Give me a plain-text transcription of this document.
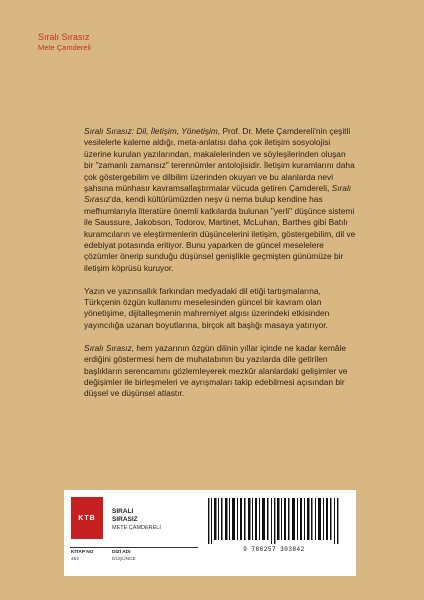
Sıralı Sırasız
Mete Çamdereli

Sıralı Sırasız: Dil, İletişim, Yönetişim, Prof. Dr. Mete Çamdereli'nin çeşitli vesilelerle kaleme aldığı, meta-anlatısı daha çok iletişim sosyolojisi üzerine kurulan yazılarından, makalelerinden ve söyleşilerinden oluşan bir "zamanlı zamansız" terennümler antolojisidir. İletişim kuramlarını daha çok göstergebilim ve dilbilim üzerinden okuyan ve bu alanlarda nevi şahsına münhasır kavramsallaştırmalar vücuda getiren Çamdereli, Sıralı Sırasız'da, kendi kültürümüzden neşv ü nema bulup kendine has mefhumlarıyla literatüre önemli katkılarda bulunan "yerli" düşünce sistemi ile Saussure, Jakobson, Todorov, Martinet, McLuhan, Barthes gibi Batılı kuramcıların ve eleştirmenlerin düşüncelerini iletişim, göstergebilim, dil ve edebiyat potasında eritiyor. Bunu yaparken de güncel meselelere çözümler önerip sunduğu düşünsel genişlikle geçmişten günümüze bir iletişim köprüsü kuruyor.

Yazın ve yazınsallık farkından medyadaki dil etiği tartışmalarına, Türkçenin özgün kullanımı meselesinden güncel bir kavram olan yönetişime, dijitalleşmenin mahremiyet algısı üzerindeki etkisinden yayıncılığa uzanan boyutlarına, birçok alt başlığı masaya yatırıyor.

Sıralı Sırasız, hem yazarının özgün dilinin yıllar içinde ne kadar kemâle erdiğini göstermesi hem de muhatabının bu yazılarda dile getirilen başlıkların serencamını gözlemleyerek mezkûr alanlardaki gelişimler ve değişimler ile birleşmeleri ve ayrışmaları takip edebilmesi açısından bir düşsel ve düşünsel atlastır.

KTB
SIRALI
SIRASIZ
METE ÇAMDERELİ
KİTAP NO	DİZİ ADI
462	DÜŞÜNCE
9 786257 303842
